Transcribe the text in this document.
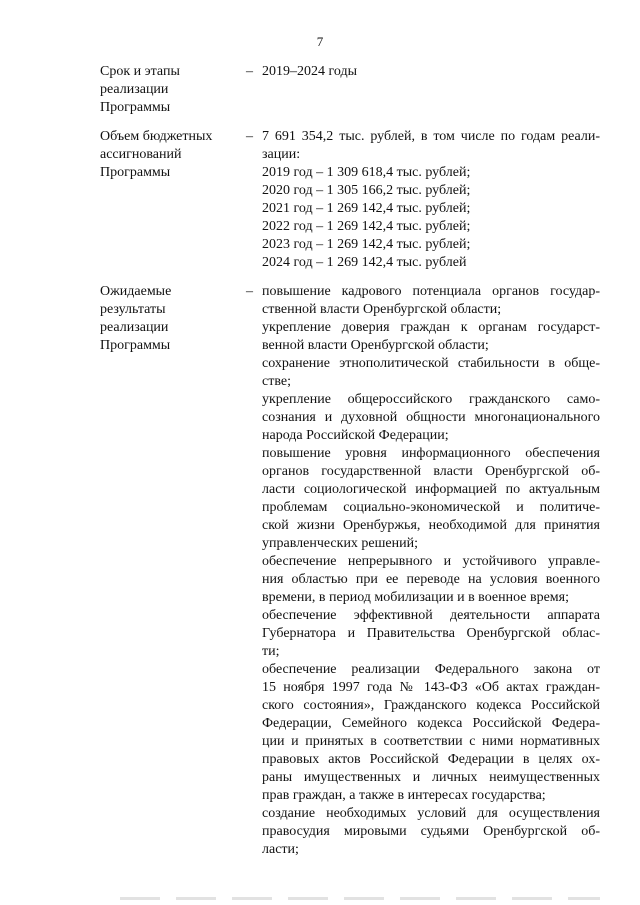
7
Срок и этапы
реализации
Программы
– 2019–2024 годы
Объем бюджетных
ассигнований
Программы
– 7 691 354,2 тыс. рублей, в том числе по годам реали-
зации:
2019 год – 1 309 618,4 тыс. рублей;
2020 год – 1 305 166,2 тыс. рублей;
2021 год – 1 269 142,4 тыс. рублей;
2022 год – 1 269 142,4 тыс. рублей;
2023 год – 1 269 142,4 тыс. рублей;
2024 год – 1 269 142,4 тыс. рублей
Ожидаемые
результаты
реализации
Программы
– повышение кадрового потенциала органов государ-
ственной власти Оренбургской области;
укрепление доверия граждан к органам государст-
венной власти Оренбургской области;
сохранение этнополитической стабильности в обще-
стве;
укрепление общероссийского гражданского само-
сознания и духовной общности многонационального
народа Российской Федерации;
повышение уровня информационного обеспечения
органов государственной власти Оренбургской об-
ласти социологической информацией по актуальным
проблемам социально-экономической и политиче-
ской жизни Оренбуржья, необходимой для принятия
управленческих решений;
обеспечение непрерывного и устойчивого управле-
ния областью при ее переводе на условия военного
времени, в период мобилизации и в военное время;
обеспечение эффективной деятельности аппарата
Губернатора и Правительства Оренбургской облас-
ти;
обеспечение реализации Федерального закона от
15 ноября 1997 года № 143-ФЗ «Об актах граждан-
ского состояния», Гражданского кодекса Российской
Федерации, Семейного кодекса Российской Федера-
ции и принятых в соответствии с ними нормативных
правовых актов Российской Федерации в целях ох-
раны имущественных и личных неимущественных
прав граждан, а также в интересах государства;
создание необходимых условий для осуществления
правосудия мировыми судьями Оренбургской об-
ласти;
